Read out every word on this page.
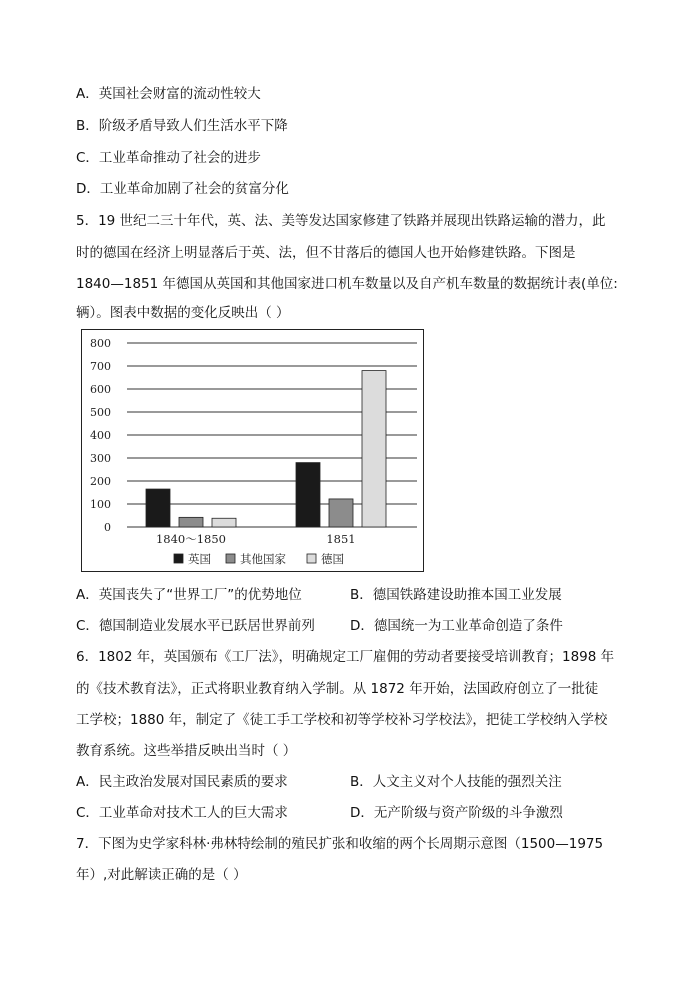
A．英国社会财富的流动性较大
B．阶级矛盾导致人们生活水平下降
C．工业革命推动了社会的进步
D．工业革命加剧了社会的贫富分化
5．19 世纪二三十年代，英、法、美等发达国家修建了铁路并展现出铁路运输的潜力，此
时的德国在经济上明显落后于英、法，但不甘落后的德国人也开始修建铁路。下图是
1840—1851 年德国从英国和其他国家进口机车数量以及自产机车数量的数据统计表(单位:
辆）。图表中数据的变化反映出（ ）
0
100
200
300
400
500
600
700
800
1840～1850	1851
英国	其他国家	德国
A．英国丧失了“世界工厂”的优势地位	B．德国铁路建设助推本国工业发展
C．德国制造业发展水平已跃居世界前列	D．德国统一为工业革命创造了条件
6．1802 年，英国颁布《工厂法》，明确规定工厂雇佣的劳动者要接受培训教育；1898 年
的《技术教育法》，正式将职业教育纳入学制。从 1872 年开始，法国政府创立了一批徒
工学校；1880 年，制定了《徒工手工学校和初等学校补习学校法》，把徒工学校纳入学校
教育系统。这些举措反映出当时（ ）
A．民主政治发展对国民素质的要求	B．人文主义对个人技能的强烈关注
C．工业革命对技术工人的巨大需求	D．无产阶级与资产阶级的斗争激烈
7．下图为史学家科林·弗林特绘制的殖民扩张和收缩的两个长周期示意图（1500—1975
年）,对此解读正确的是（ ）
